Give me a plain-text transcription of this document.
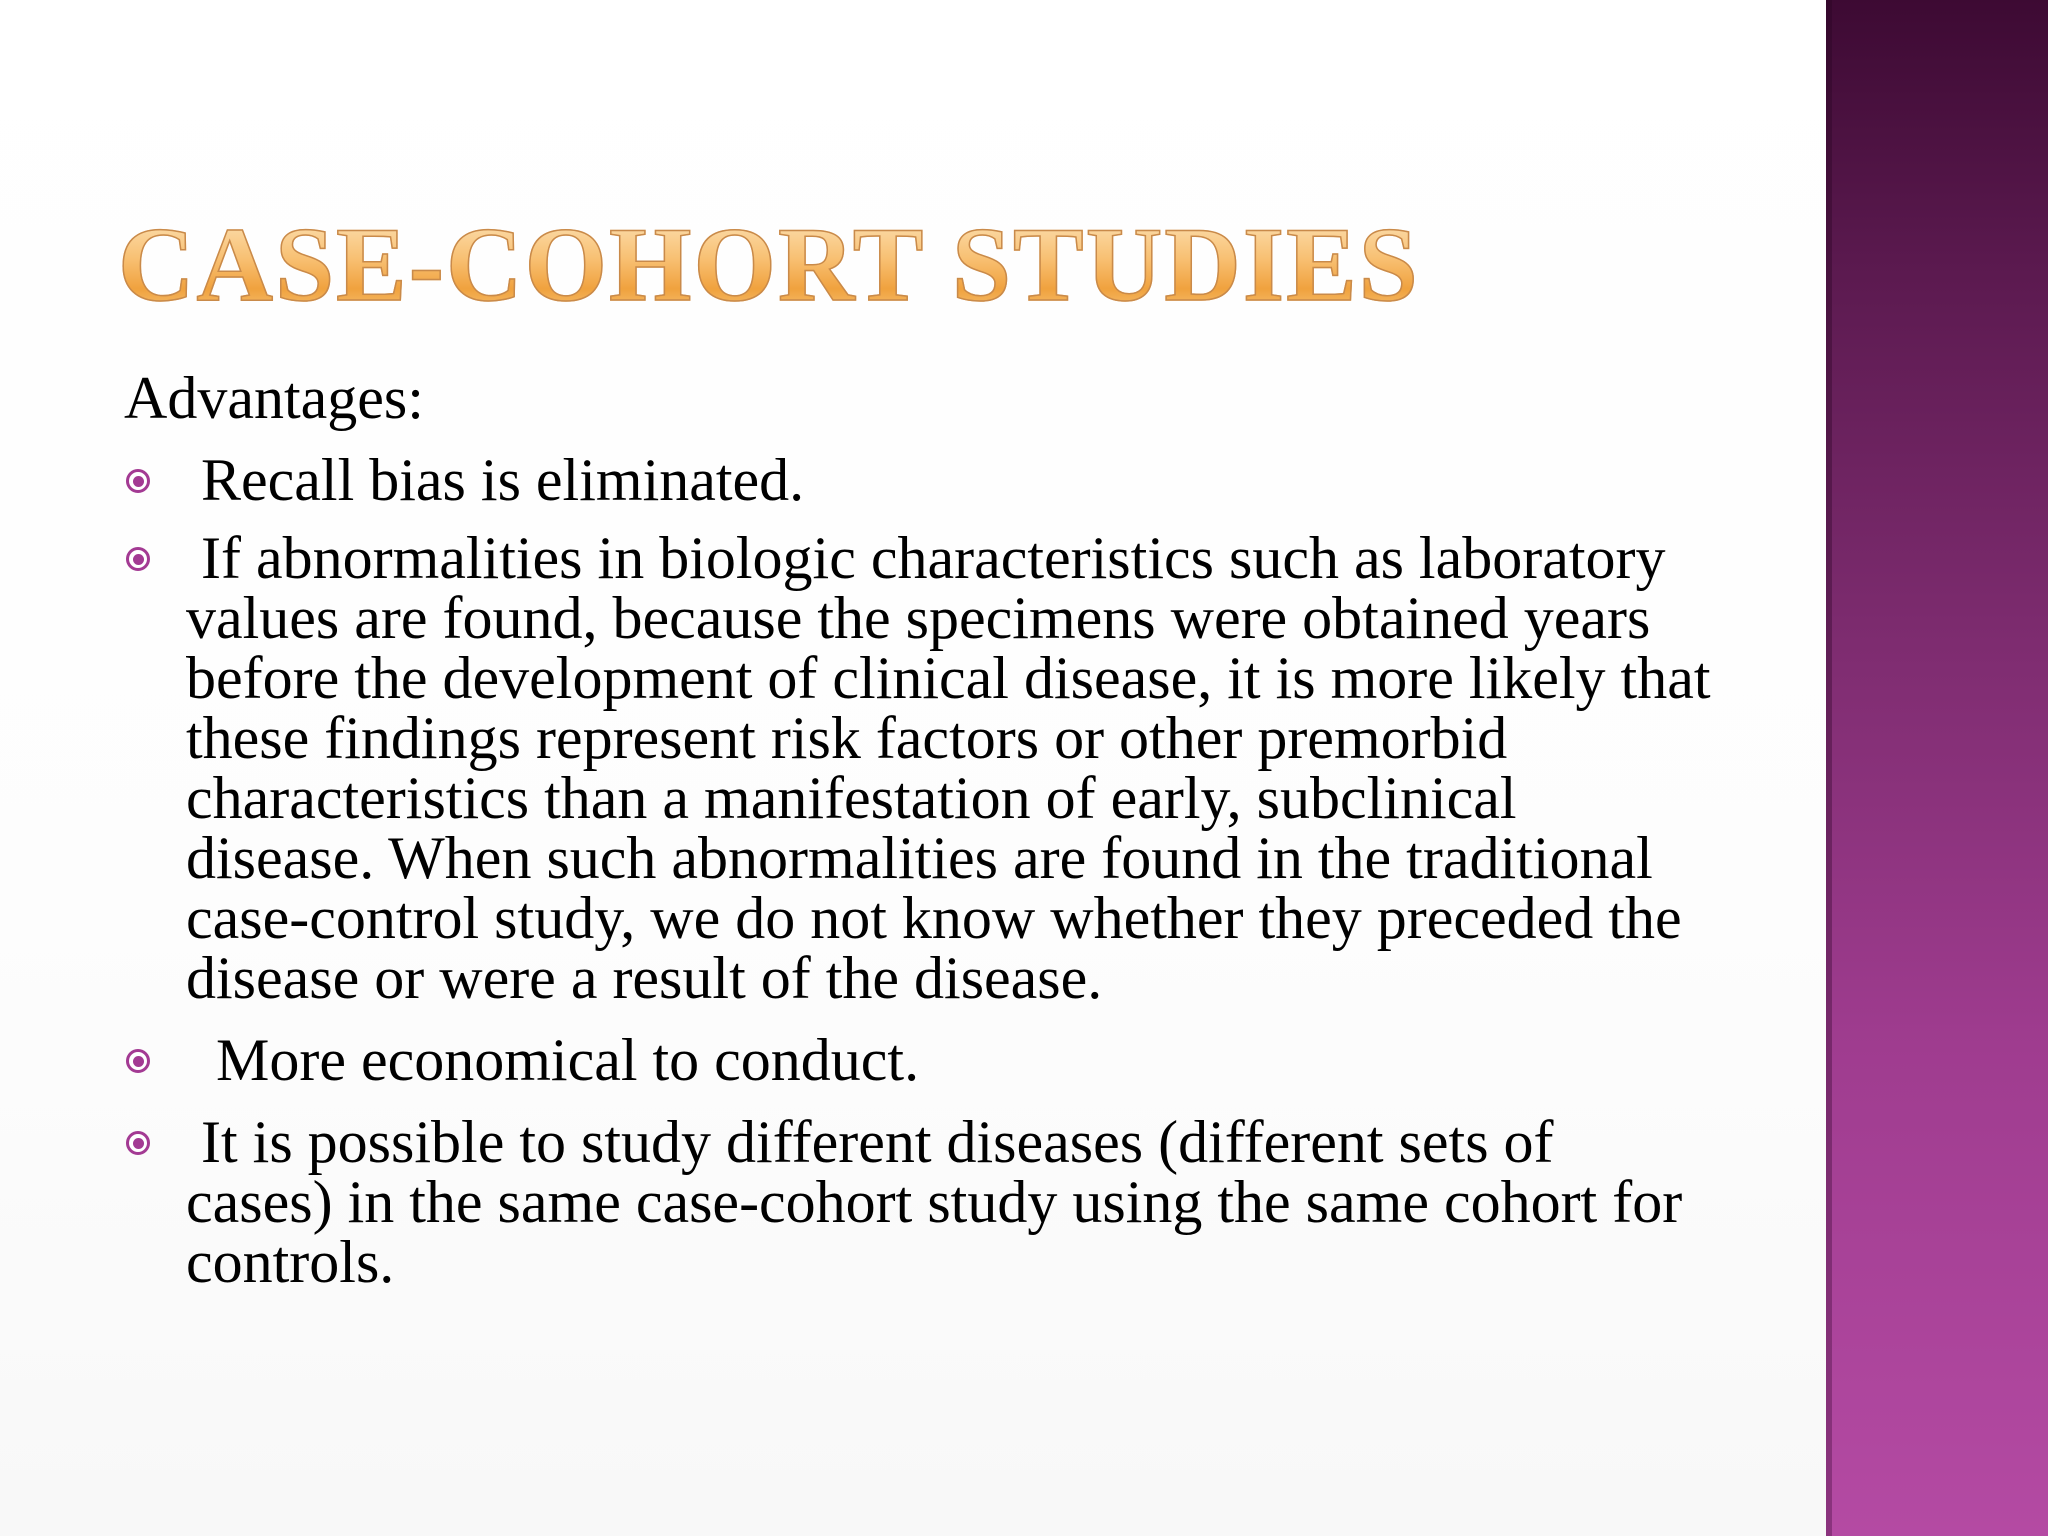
CASE-COHORT STUDIES
Advantages:
Recall bias is eliminated.
If abnormalities in biologic characteristics such as laboratory values are found, because the specimens were obtained years before the development of clinical disease, it is more likely that these findings represent risk factors or other premorbid characteristics than a manifestation of early, subclinical disease. When such abnormalities are found in the traditional case-control study, we do not know whether they preceded the disease or were a result of the disease.
More economical to conduct.
It is possible to study different diseases (different sets of cases) in the same case-cohort study using the same cohort for controls.
